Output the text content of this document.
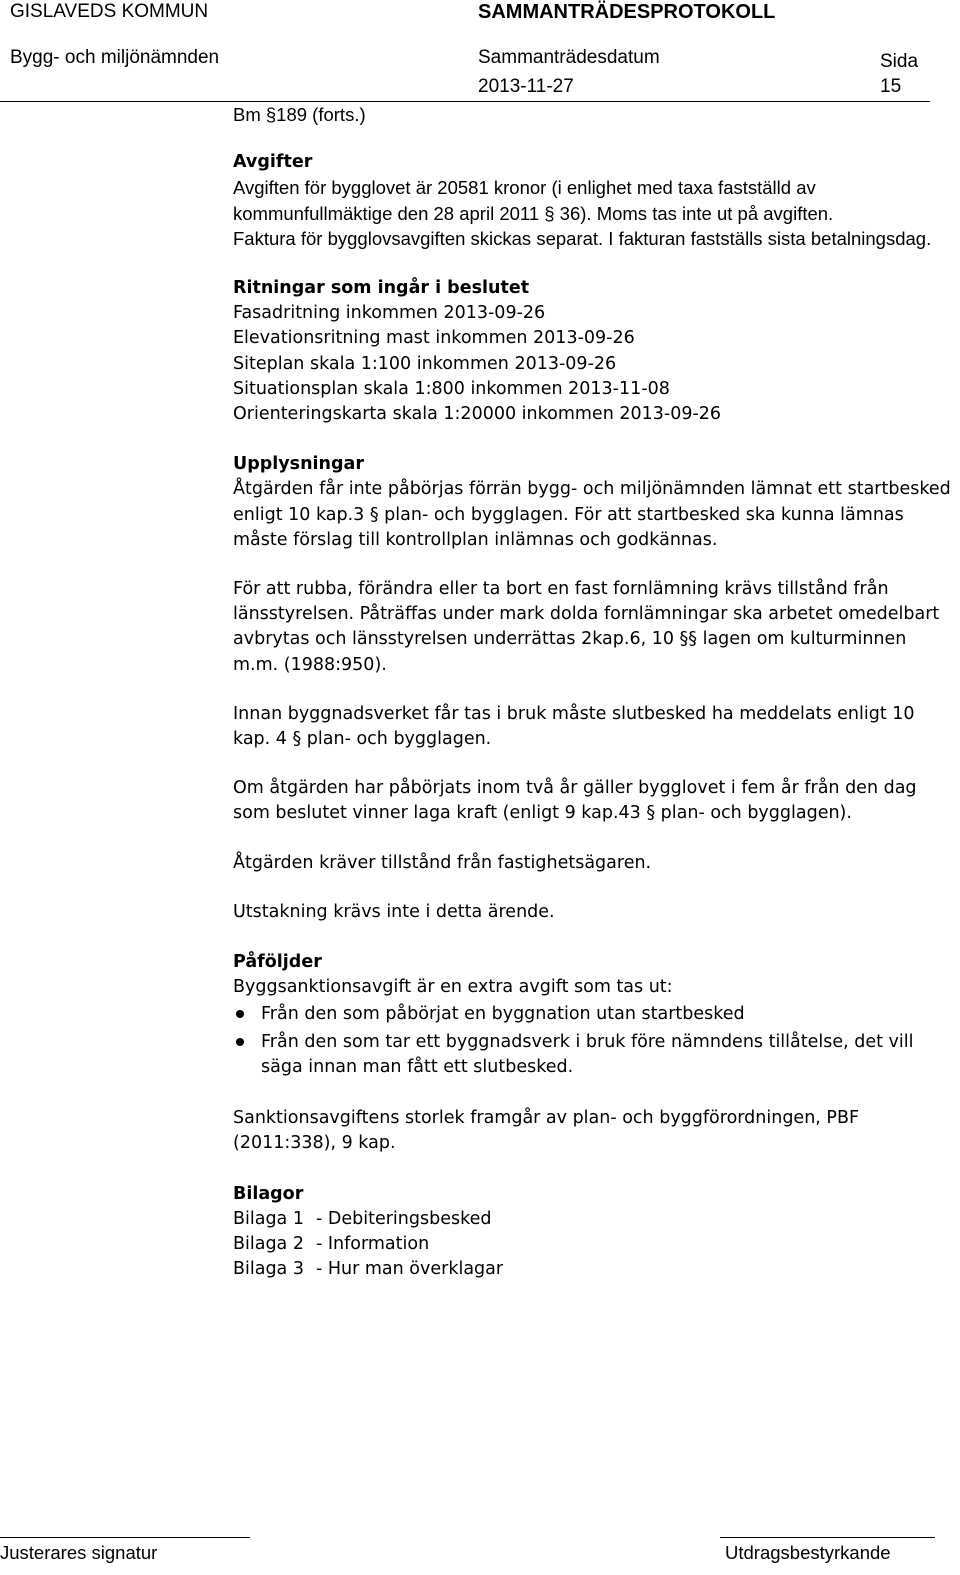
GISLAVEDS KOMMUN	SAMMANTRÄDESPROTOKOLL
Bygg- och miljönämnden	Sammanträdesdatum
2013-11-27
Sida
15

Bm §189 (forts.)

Avgifter

Avgiften för bygglovet är 20581 kronor (i enlighet med taxa fastställd av

kommunfullmäktige den 28 april 2011 § 36). Moms tas inte ut på avgiften.

Faktura för bygglovsavgiften skickas separat. I fakturan fastställs sista betalningsdag.

Ritningar som ingår i beslutet

Fasadritning inkommen 2013-09-26

Elevationsritning mast inkommen 2013-09-26

Siteplan skala 1:100 inkommen 2013-09-26

Situationsplan skala 1:800 inkommen 2013-11-08

Orienteringskarta skala 1:20000 inkommen 2013-09-26

Upplysningar

Åtgärden får inte påbörjas förrän bygg- och miljönämnden lämnat ett startbesked enligt 10 kap.3 § plan- och bygglagen. För att startbesked ska kunna lämnas måste förslag till kontrollplan inlämnas och godkännas.

För att rubba, förändra eller ta bort en fast fornlämning krävs tillstånd från länsstyrelsen. Påträffas under mark dolda fornlämningar ska arbetet omedelbart avbrytas och länsstyrelsen underrättas 2kap.6, 10 §§ lagen om kulturminnen m.m. (1988:950).

Innan byggnadsverket får tas i bruk måste slutbesked ha meddelats enligt 10 kap. 4 § plan- och bygglagen.

Om åtgärden har påbörjats inom två år gäller bygglovet i fem år från den dag som beslutet vinner laga kraft (enligt 9 kap.43 § plan- och bygglagen).

Åtgärden kräver tillstånd från fastighetsägaren.

Utstakning krävs inte i detta ärende.

Påföljder

Byggsanktionsavgift är en extra avgift som tas ut:

Från den som påbörjat en byggnation utan startbesked
Från den som tar ett byggnadsverk i bruk före nämndens tillåtelse, det vill säga innan man fått ett slutbesked.

Sanktionsavgiftens storlek framgår av plan- och byggförordningen, PBF (2011:338), 9 kap.

Bilagor

Bilaga 1 - Debiteringsbesked
Bilaga 2 - Information
Bilaga 3 - Hur man överklagar
Justerares signatur	Utdragsbestyrkande
